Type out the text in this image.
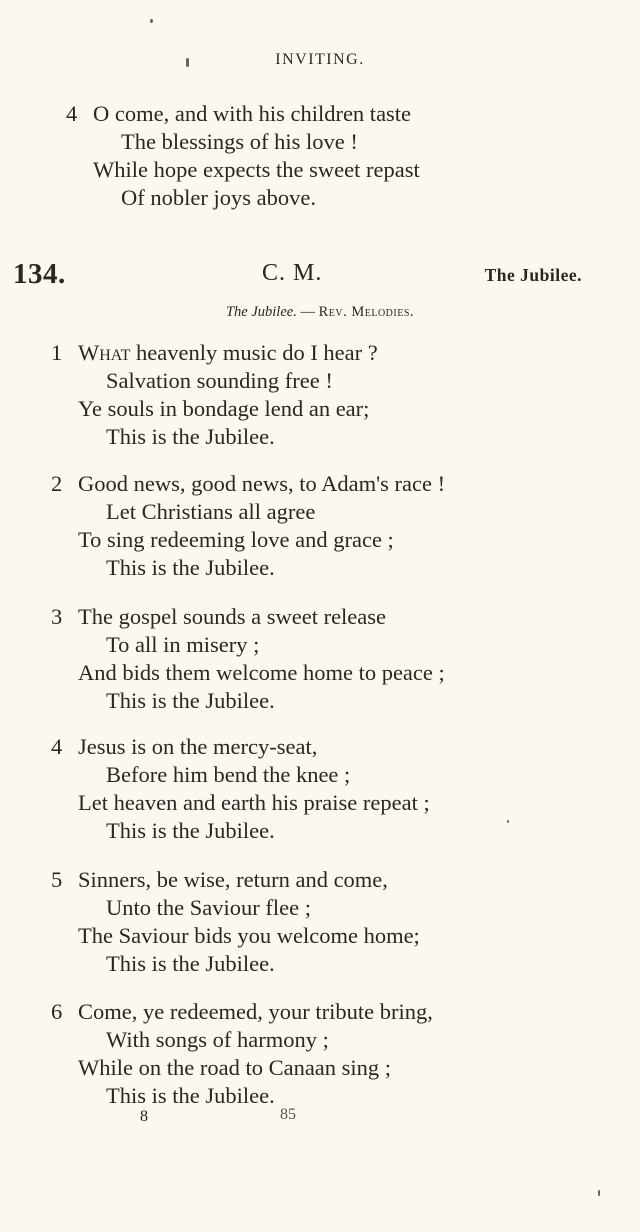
INVITING.
4 O come, and with his children taste
The blessings of his love !
While hope expects the sweet repast
Of nobler joys above.
134.	C. M.	The Jubilee.
The Jubilee. — Rev. Melodies.
1 What heavenly music do I hear ?
Salvation sounding free !
Ye souls in bondage lend an ear;
This is the Jubilee.
2 Good news, good news, to Adam's race !
Let Christians all agree
To sing redeeming love and grace ;
This is the Jubilee.
3 The gospel sounds a sweet release
To all in misery ;
And bids them welcome home to peace ;
This is the Jubilee.
4 Jesus is on the mercy-seat,
Before him bend the knee ;
Let heaven and earth his praise repeat ;
This is the Jubilee.
5 Sinners, be wise, return and come,
Unto the Saviour flee ;
The Saviour bids you welcome home;
This is the Jubilee.
6 Come, ye redeemed, your tribute bring,
With songs of harmony ;
While on the road to Canaan sing ;
This is the Jubilee.
8	85
